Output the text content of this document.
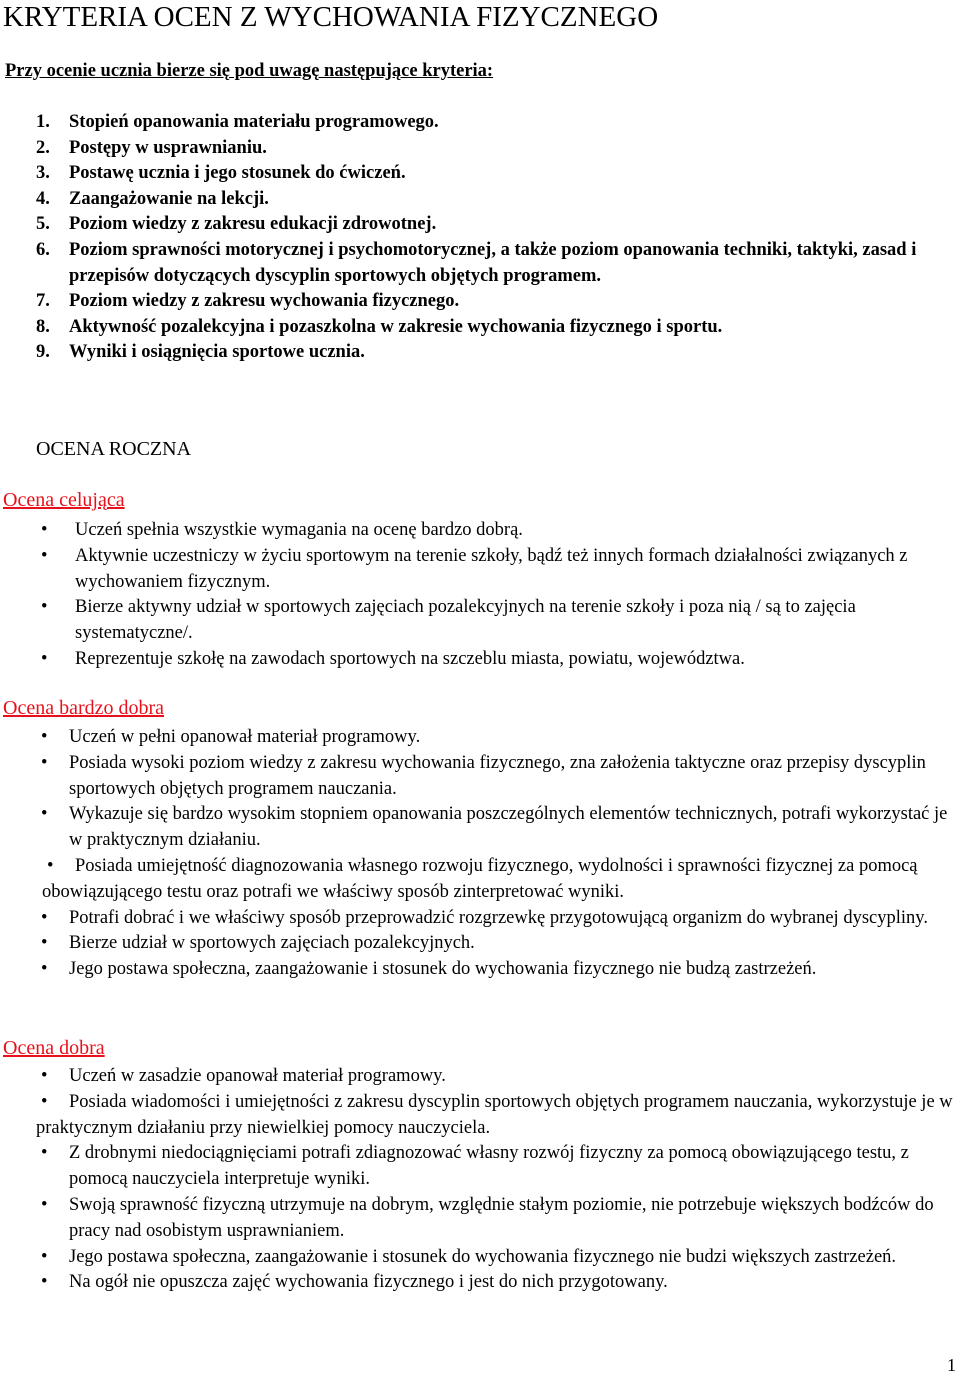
KRYTERIA OCEN Z WYCHOWANIA FIZYCZNEGO
Przy ocenie ucznia bierze się pod uwagę następujące kryteria:
1. Stopień opanowania materiału programowego.
2. Postępy w usprawnianiu.
3. Postawę ucznia i jego stosunek do ćwiczeń.
4. Zaangażowanie na lekcji.
5. Poziom wiedzy z zakresu edukacji zdrowotnej.
6. Poziom sprawności motorycznej i psychomotorycznej, a także poziom opanowania techniki, taktyki, zasad i przepisów dotyczących dyscyplin sportowych objętych programem.
7. Poziom wiedzy z zakresu wychowania fizycznego.
8. Aktywność pozalekcyjna i pozaszkolna w zakresie wychowania fizycznego i sportu.
9. Wyniki i osiągnięcia sportowe ucznia.
OCENA ROCZNA
Ocena celująca
• Uczeń spełnia wszystkie wymagania na ocenę bardzo dobrą.
• Aktywnie uczestniczy w życiu sportowym na terenie szkoły, bądź też innych formach działalności związanych z wychowaniem fizycznym.
• Bierze aktywny udział w sportowych zajęciach pozalekcyjnych na terenie szkoły i poza nią / są to zajęcia systematyczne/.
• Reprezentuje szkołę na zawodach sportowych na szczeblu miasta, powiatu, województwa.
Ocena bardzo dobra
• Uczeń w pełni opanował materiał programowy.
• Posiada wysoki poziom wiedzy z zakresu wychowania fizycznego, zna założenia taktyczne oraz przepisy dyscyplin sportowych objętych programem nauczania.
• Wykazuje się bardzo wysokim stopniem opanowania poszczególnych elementów technicznych, potrafi wykorzystać je w praktycznym działaniu.
• Posiada umiejętność diagnozowania własnego rozwoju fizycznego, wydolności i sprawności fizycznej za pomocą obowiązującego testu oraz potrafi we właściwy sposób zinterpretować wyniki.
• Potrafi dobrać i we właściwy sposób przeprowadzić rozgrzewkę przygotowującą organizm do wybranej dyscypliny.
• Bierze udział w sportowych zajęciach pozalekcyjnych.
• Jego postawa społeczna, zaangażowanie i stosunek do wychowania fizycznego nie budzą zastrzeżeń.
Ocena dobra
• Uczeń w zasadzie opanował materiał programowy.
• Posiada wiadomości i umiejętności z zakresu dyscyplin sportowych objętych programem nauczania, wykorzystuje je w praktycznym działaniu przy niewielkiej pomocy nauczyciela.
• Z drobnymi niedociągnięciami potrafi zdiagnozować własny rozwój fizyczny za pomocą obowiązującego testu, z pomocą nauczyciela interpretuje wyniki.
• Swoją sprawność fizyczną utrzymuje na dobrym, względnie stałym poziomie, nie potrzebuje większych bodźców do pracy nad osobistym usprawnianiem.
• Jego postawa społeczna, zaangażowanie i stosunek do wychowania fizycznego nie budzi większych zastrzeżeń.
• Na ogół nie opuszcza zajęć wychowania fizycznego i jest do nich przygotowany.
1
